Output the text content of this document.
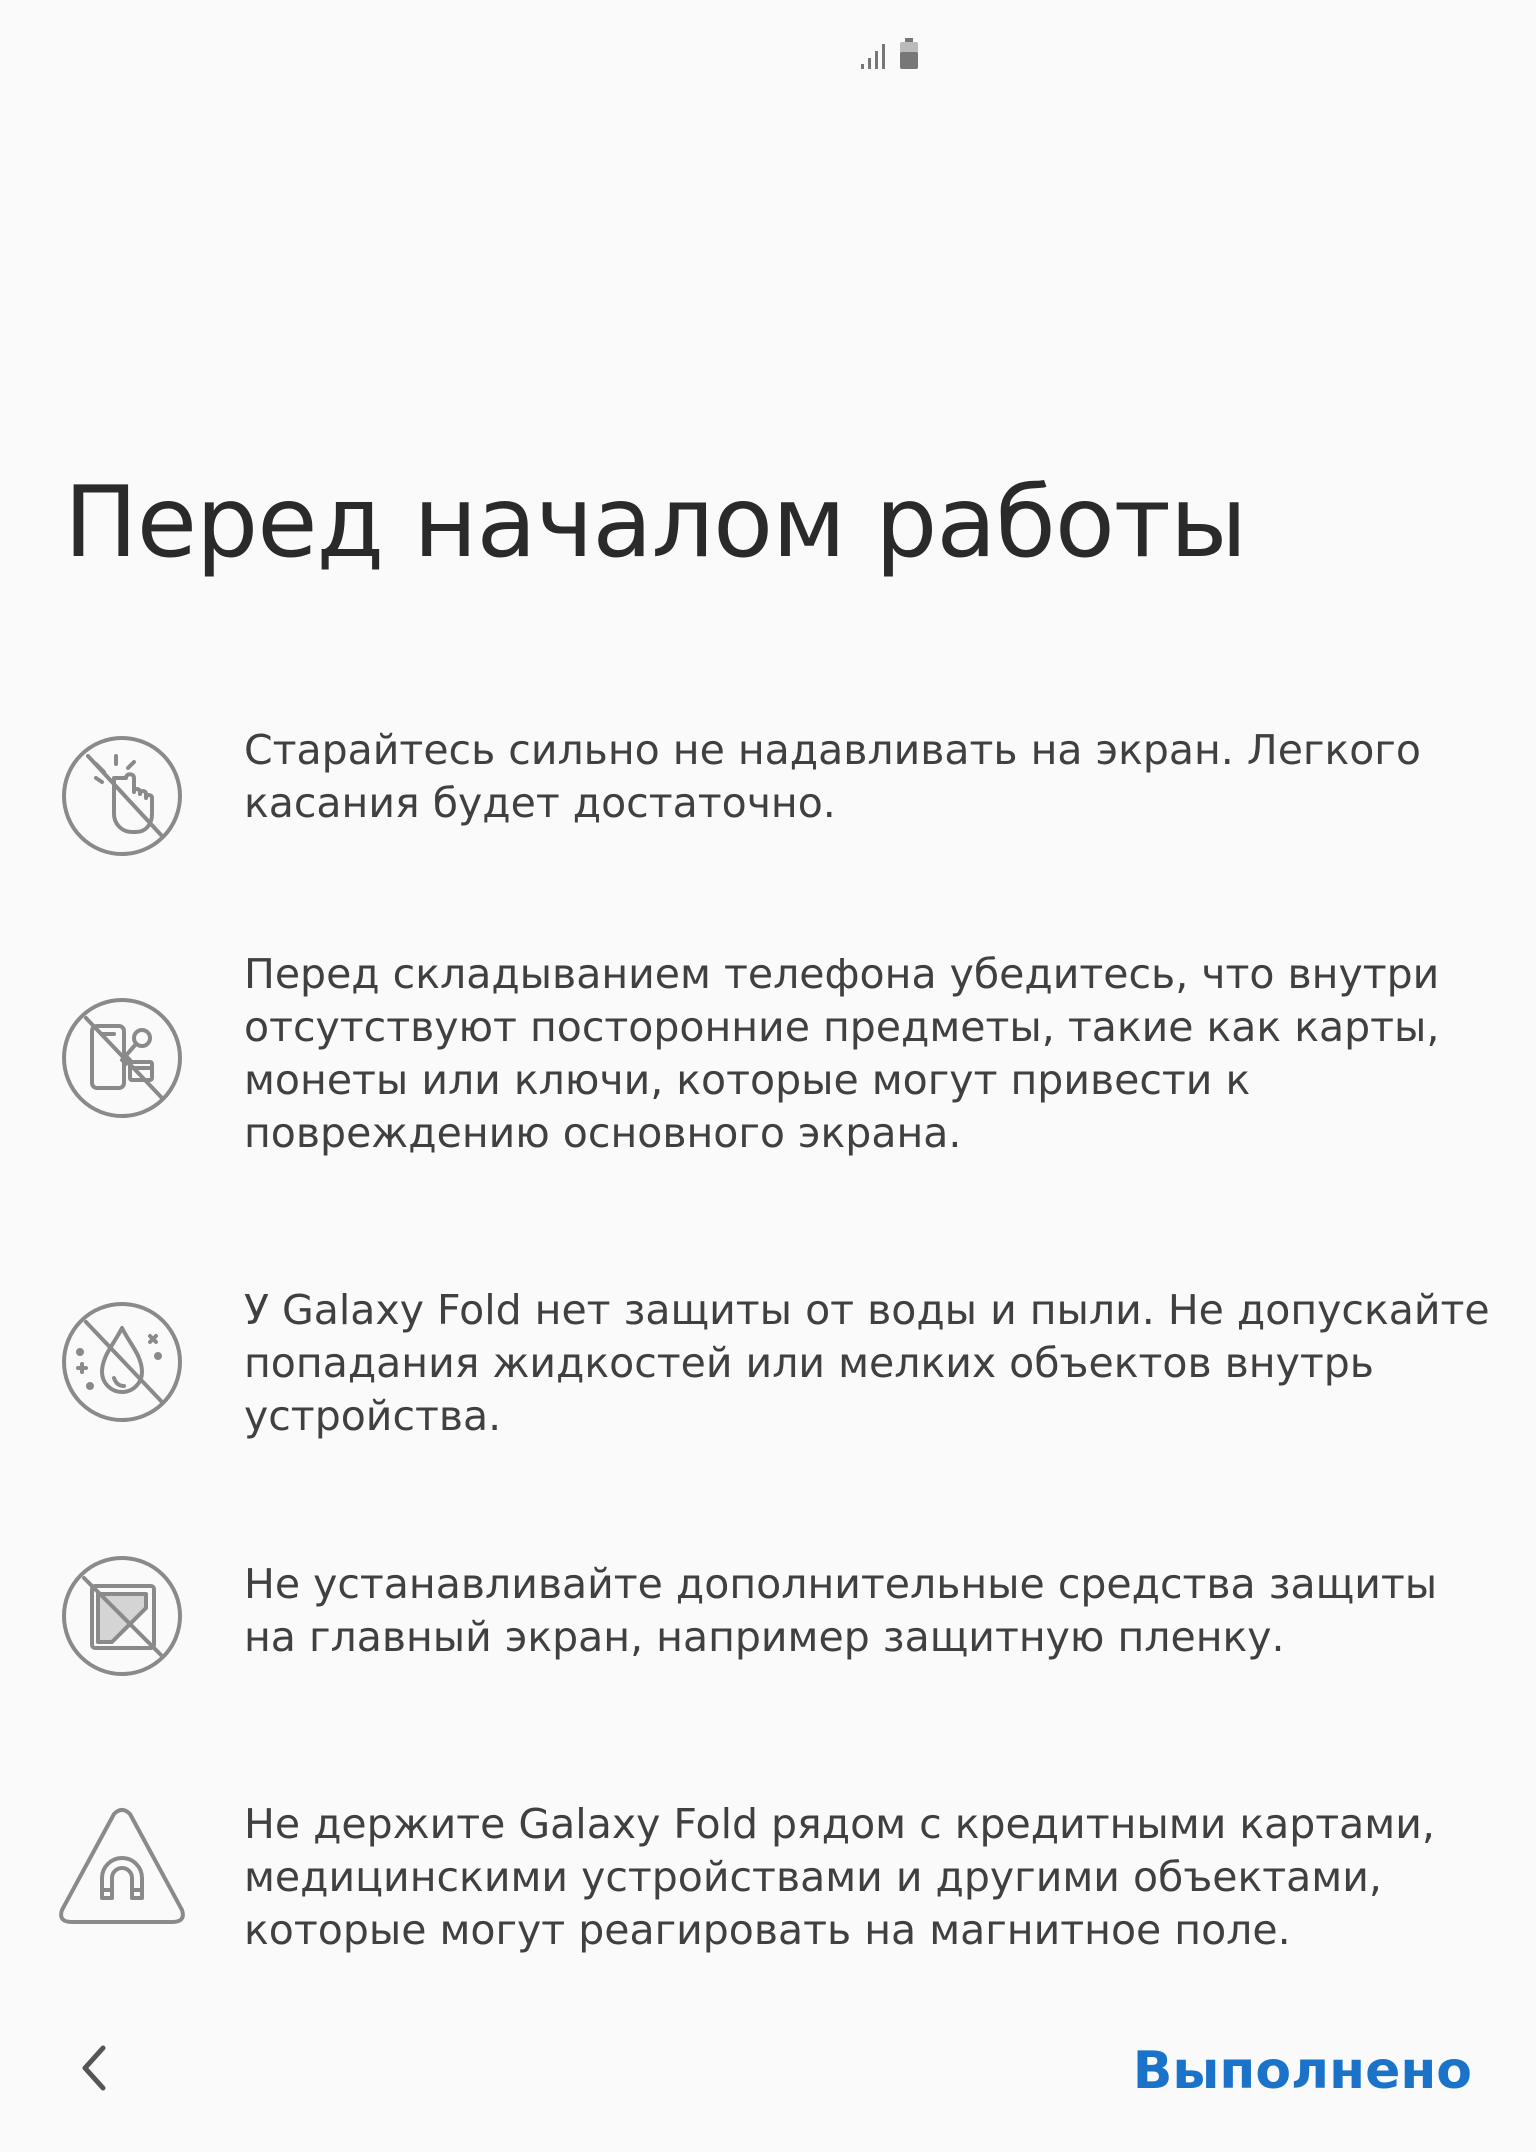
Перед началом работы

Старайтесь сильно не надавливать на экран. Легкого касания будет достаточно.

Перед складыванием телефона убедитесь, что внутри отсутствуют посторонние предметы, такие как карты, монеты или ключи, которые могут привести к повреждению основного экрана.

У Galaxy Fold нет защиты от воды и пыли. Не допускайте попадания жидкостей или мелких объектов внутрь устройства.

Не устанавливайте дополнительные средства защиты на главный экран, например защитную пленку.

Не держите Galaxy Fold рядом с кредитными картами, медицинскими устройствами и другими объектами, которые могут реагировать на магнитное поле.

Выполнено
